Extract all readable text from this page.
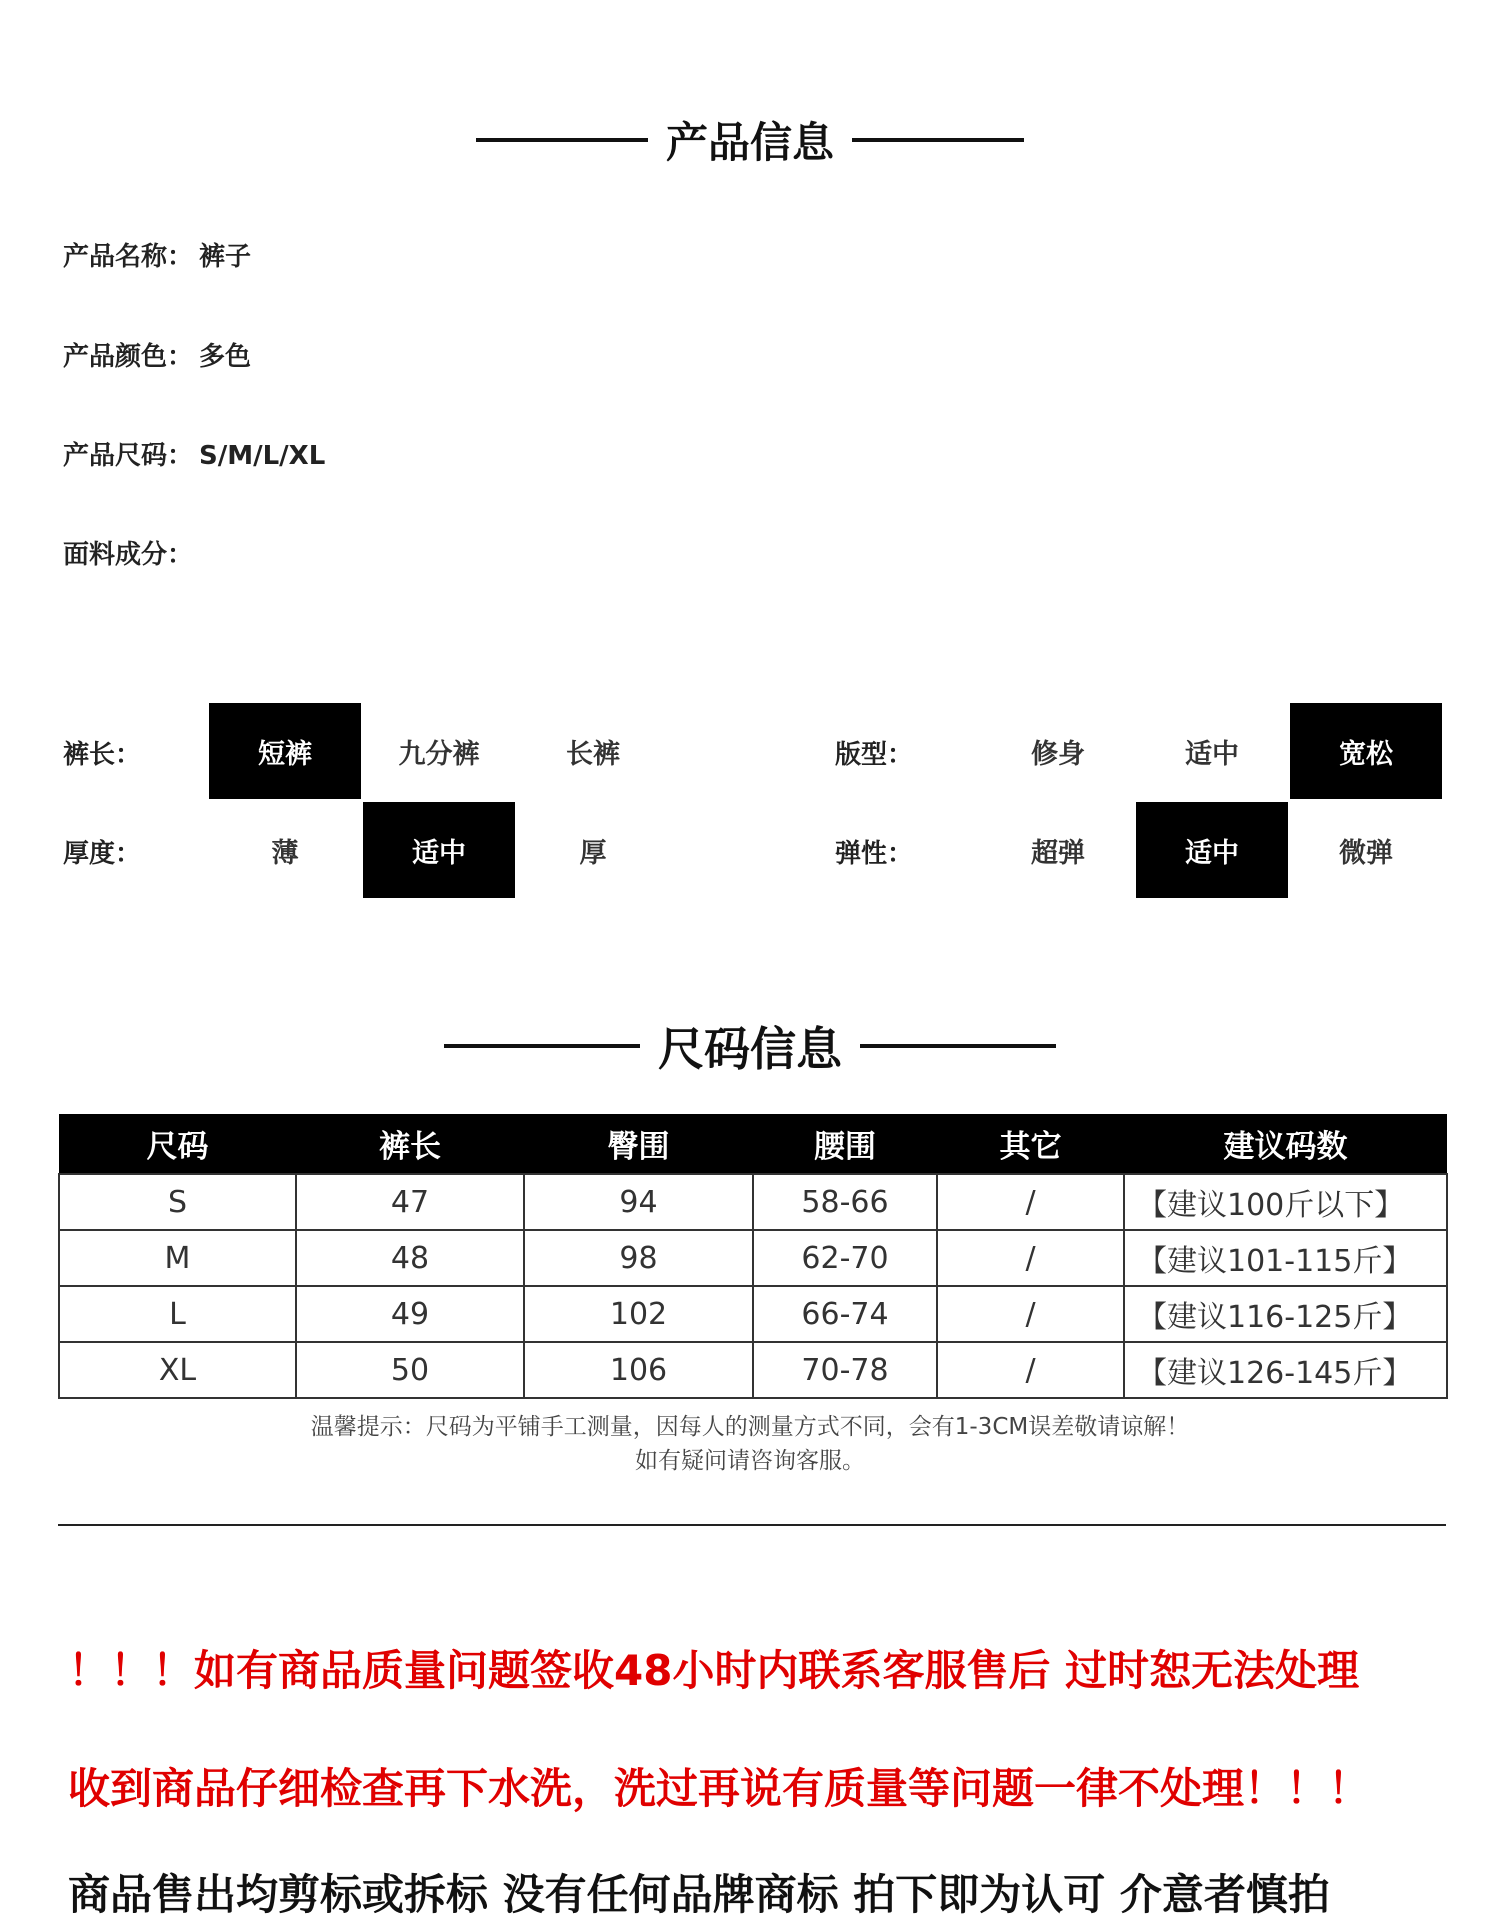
产品信息
产品名称： 裤子
产品颜色： 多色
产品尺码： S/M/L/XL
面料成分：
裤长：	短裤	九分裤	长裤	版型：	修身	适中	宽松
厚度：	薄	适中	厚	弹性：	超弹	适中	微弹
尺码信息
尺码	裤长	臀围	腰围	其它	建议码数
S	47	94	58-66	/	【建议100斤以下】
M	48	98	62-70	/	【建议101-115斤】
L	49	102	66-74	/	【建议116-125斤】
XL	50	106	70-78	/	【建议126-145斤】
温馨提示：尺码为平铺手工测量，因每人的测量方式不同，会有1-3CM误差敬请谅解！
如有疑问请咨询客服。
！！！如有商品质量问题签收48小时内联系客服售后 过时恕无法处理
收到商品仔细检查再下水洗，洗过再说有质量等问题一律不处理！！！
商品售出均剪标或拆标 没有任何品牌商标 拍下即为认可 介意者慎拍
